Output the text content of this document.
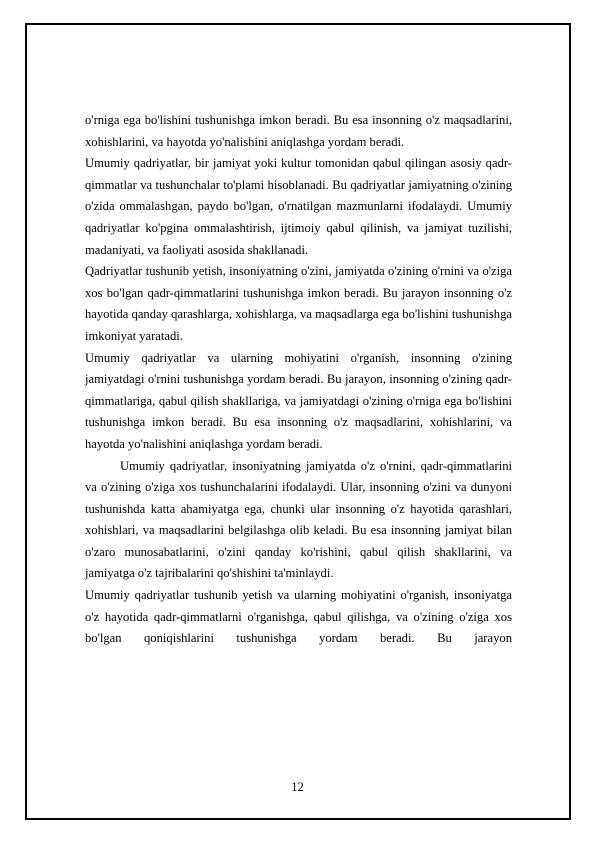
o'rniga ega bo'lishini tushunishga imkon beradi. Bu esa insonning o'z maqsadlarini, xohishlarini, va hayotda yo'nalishini aniqlashga yordam beradi.

Umumiy qadriyatlar, bir jamiyat yoki kultur tomonidan qabul qilingan asosiy qadr-qimmatlar va tushunchalar to'plami hisoblanadi. Bu qadriyatlar jamiyatning o'zining o'zida ommalashgan, paydo bo'lgan, o'rnatilgan mazmunlarni ifodalaydi. Umumiy qadriyatlar ko'pgina ommalashtirish, ijtimoiy qabul qilinish, va jamiyat tuzilishi, madaniyati, va faoliyati asosida shakllanadi.

Qadriyatlar tushunib yetish, insoniyatning o'zini, jamiyatda o'zining o'rnini va o'ziga xos bo'lgan qadr-qimmatlarini tushunishga imkon beradi. Bu jarayon insonning o'z hayotida qanday qarashlarga, xohishlarga, va maqsadlarga ega bo'lishini tushunishga imkoniyat yaratadi.

Umumiy qadriyatlar va ularning mohiyatini o'rganish, insonning o'zining jamiyatdagi o'rnini tushunishga yordam beradi. Bu jarayon, insonning o'zining qadr-qimmatlariga, qabul qilish shakllariga, va jamiyatdagi o'zining o'rniga ega bo'lishini tushunishga imkon beradi. Bu esa insonning o'z maqsadlarini, xohishlarini, va hayotda yo'nalishini aniqlashga yordam beradi.

Umumiy qadriyatlar, insoniyatning jamiyatda o'z o'rnini, qadr-qimmatlarini va o'zining o'ziga xos tushunchalarini ifodalaydi. Ular, insonning o'zini va dunyoni tushunishda katta ahamiyatga ega, chunki ular insonning o'z hayotida qarashlari, xohishlari, va maqsadlarini belgilashga olib keladi. Bu esa insonning jamiyat bilan o'zaro munosabatlarini, o'zini qanday ko'rishini, qabul qilish shakllarini, va jamiyatga o'z tajribalarini qo'shishini ta'minlaydi.

Umumiy qadriyatlar tushunib yetish va ularning mohiyatini o'rganish, insoniyatga o'z hayotida qadr-qimmatlarni o'rganishga, qabul qilishga, va o'zining o'ziga xos bo'lgan qoniqishlarini tushunishga yordam beradi. Bu jarayon

12
